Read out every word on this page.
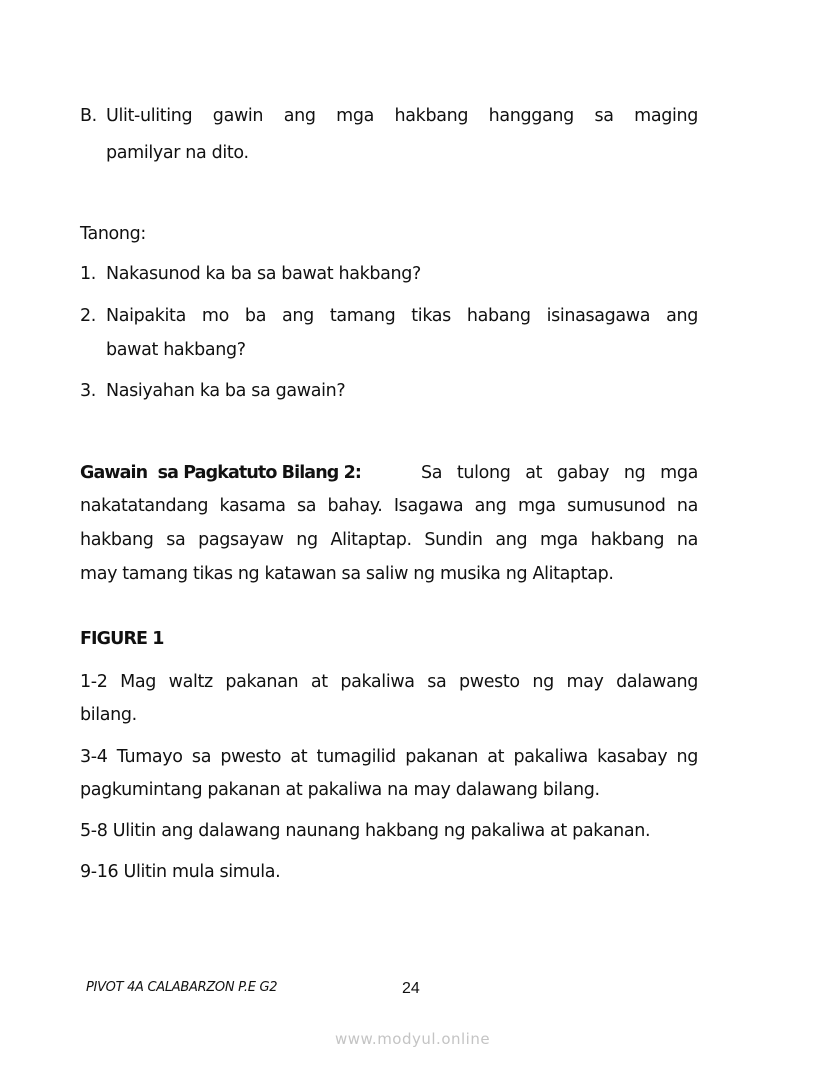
B. Ulit-uliting gawin ang mga hakbang hanggang sa maging
pamilyar na dito.
Tanong:
1. Nakasunod ka ba sa bawat hakbang?
2. Naipakita mo ba ang tamang tikas habang isinasagawa ang
bawat hakbang?
3. Nasiyahan ka ba sa gawain?
Gawain  sa Pagkatuto Bilang 2:	Sa tulong at gabay ng mga
nakatatandang kasama sa bahay. Isagawa ang mga sumusunod na
hakbang sa pagsayaw ng Alitaptap. Sundin ang mga hakbang na
may tamang tikas ng katawan sa saliw ng musika ng Alitaptap.
FIGURE 1
1-2 Mag waltz pakanan at pakaliwa sa pwesto ng may dalawang
bilang.
3-4 Tumayo sa pwesto at tumagilid pakanan at pakaliwa kasabay ng
pagkumintang pakanan at pakaliwa na may dalawang bilang.
5-8 Ulitin ang dalawang naunang hakbang ng pakaliwa at pakanan.
9-16 Ulitin mula simula.
PIVOT 4A CALABARZON P.E G2	24
www.modyul.online
